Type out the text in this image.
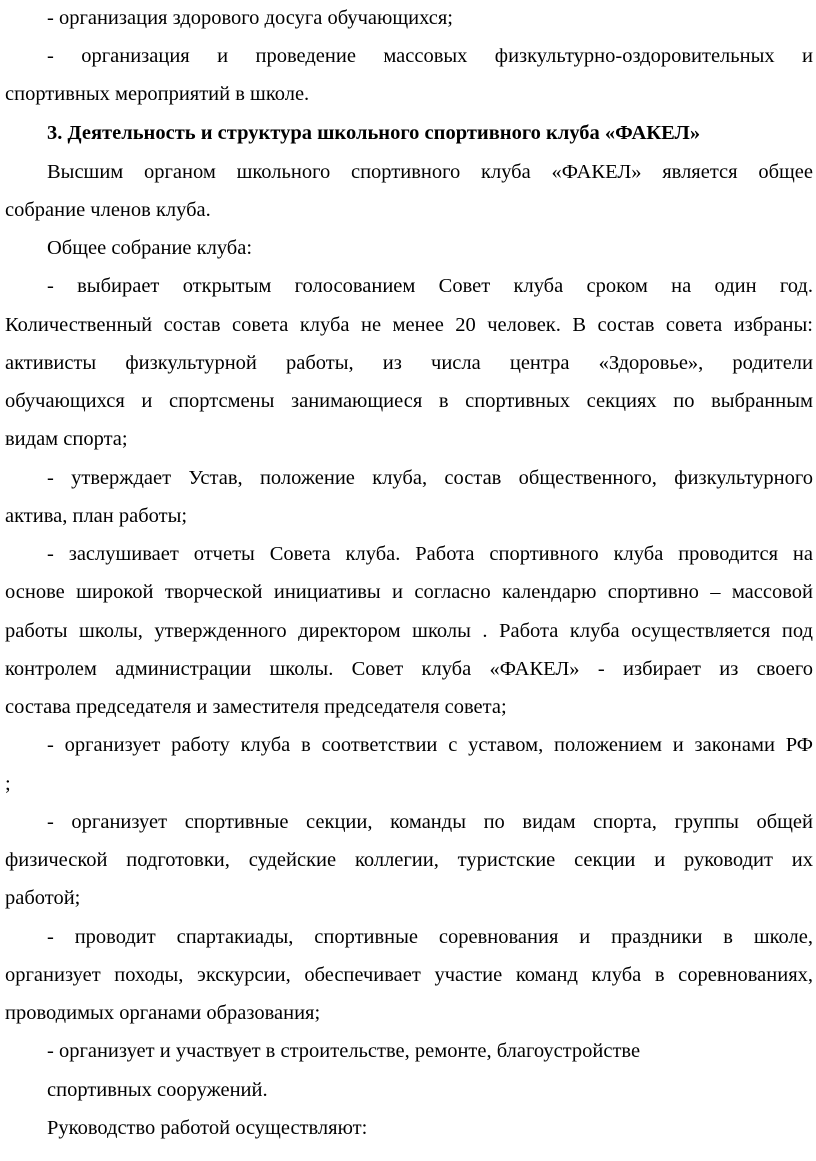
- организация здорового досуга обучающихся;
- организация и проведение массовых физкультурно-оздоровительных и
спортивных мероприятий в школе.
3. Деятельность и структура школьного спортивного клуба «ФАКЕЛ»
Высшим органом школьного спортивного клуба «ФАКЕЛ» является общее
собрание членов клуба.
Общее собрание клуба:
- выбирает открытым голосованием Совет клуба сроком на один год.
Количественный состав совета клуба не менее 20 человек. В состав совета избраны:
активисты физкультурной работы, из числа центра «Здоровье», родители
обучающихся и спортсмены занимающиеся в спортивных секциях по выбранным
видам спорта;
- утверждает Устав, положение клуба, состав общественного, физкультурного
актива, план работы;
- заслушивает отчеты Совета клуба. Работа спортивного клуба проводится на
основе широкой творческой инициативы и согласно календарю спортивно – массовой
работы школы, утвержденного директором школы . Работа клуба осуществляется под
контролем администрации школы. Совет клуба «ФАКЕЛ» - избирает из своего
состава председателя и заместителя председателя совета;
- организует работу клуба в соответствии с уставом, положением и законами РФ
;
- организует спортивные секции, команды по видам спорта, группы общей
физической подготовки, судейские коллегии, туристские секции и руководит их
работой;
- проводит спартакиады, спортивные соревнования и праздники в школе,
организует походы, экскурсии, обеспечивает участие команд клуба в соревнованиях,
проводимых органами образования;
- организует и участвует в строительстве, ремонте, благоустройстве
спортивных сооружений.
Руководство работой осуществляют:
